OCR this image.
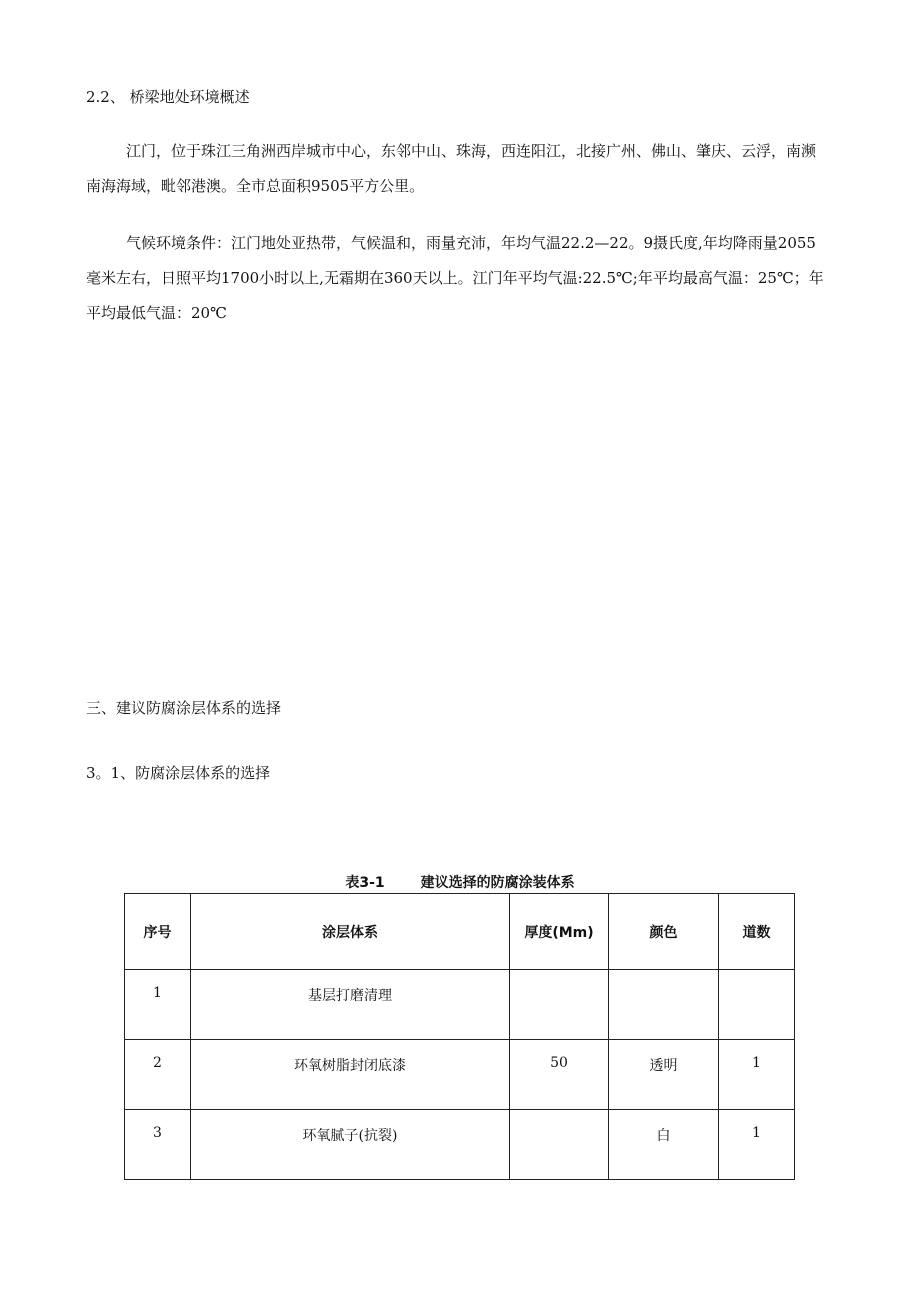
2.2、 桥梁地处环境概述
江门，位于珠江三角洲西岸城市中心，东邻中山、珠海，西连阳江，北接广州、佛山、肇庆、云浮，南濒南海海域，毗邻港澳。全市总面积9505平方公里。
气候环境条件：江门地处亚热带，气候温和，雨量充沛，年均气温22.2—22。9摄氏度,年均降雨量2055毫米左右，日照平均1700小时以上,无霜期在360天以上。江门年平均气温:22.5℃;年平均最高气温：25℃；年平均最低气温：20℃
三、建议防腐涂层体系的选择
3。1、防腐涂层体系的选择
表3-1	建议选择的防腐涂装体系
序号	涂层体系	厚度(Mm)	颜色	道数
1	基层打磨清理			
2	环氧树脂封闭底漆	50	透明	1
3	环氧腻子(抗裂)		白	1
